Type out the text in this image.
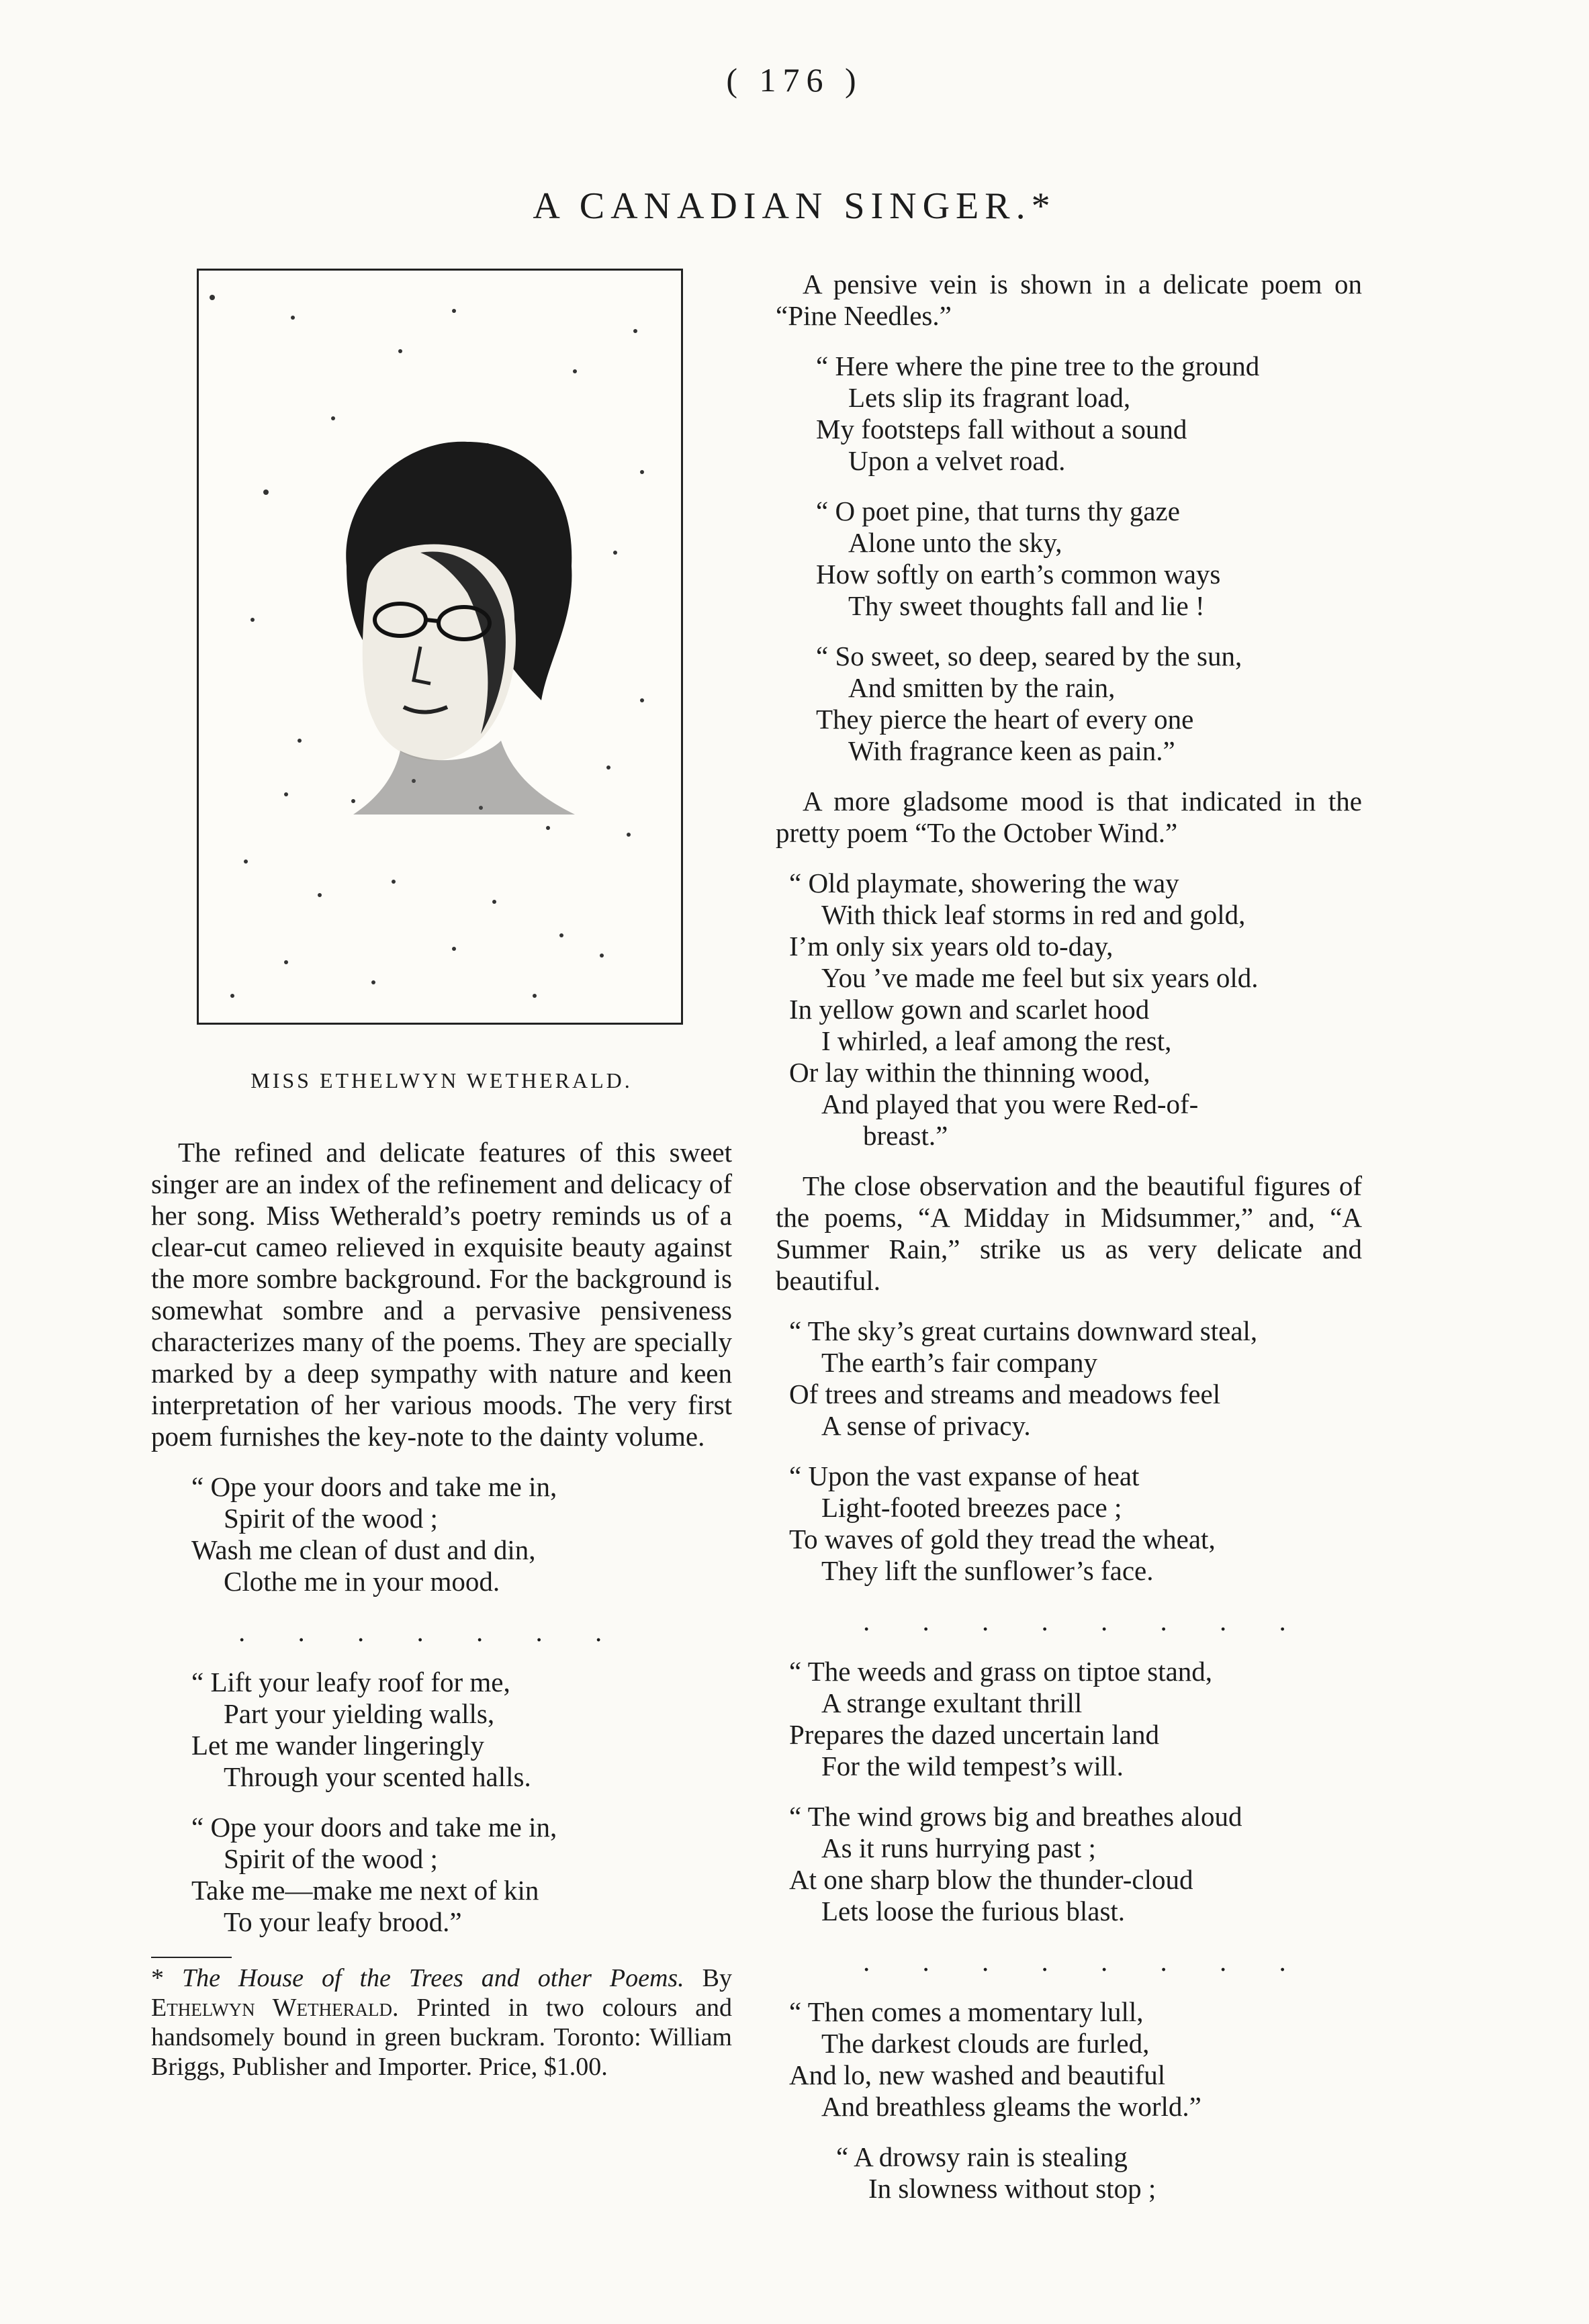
( 176 )
A CANADIAN SINGER.*
MISS ETHELWYN WETHERALD.

The refined and delicate features of this sweet singer are an index of the refinement and delicacy of her song. Miss Wetherald’s poetry reminds us of a clear-cut cameo relieved in exquisite beauty against the more sombre background. For the background is somewhat sombre and a pervasive pensiveness characterizes many of the poems. They are specially marked by a deep sympathy with nature and keen interpretation of her various moods. The very first poem furnishes the key-note to the dainty volume.

“ Ope your doors and take me in,
Spirit of the wood ;
Wash me clean of dust and din,
Clothe me in your mood.
. . . . . . .
“ Lift your leafy roof for me,
Part your yielding walls,
Let me wander lingeringly
Through your scented halls.
“ Ope your doors and take me in,
Spirit of the wood ;
Take me—make me next of kin
To your leafy brood.”
* The House of the Trees and other Poems. By Ethelwyn Wetherald. Printed in two colours and handsomely bound in green buckram. Toronto: William Briggs, Publisher and Importer. Price, $1.00.

A pensive vein is shown in a delicate poem on “Pine Needles.”

“ Here where the pine tree to the ground
Lets slip its fragrant load,
My footsteps fall without a sound
Upon a velvet road.
“ O poet pine, that turns thy gaze
Alone unto the sky,
How softly on earth’s common ways
Thy sweet thoughts fall and lie !
“ So sweet, so deep, seared by the sun,
And smitten by the rain,
They pierce the heart of every one
With fragrance keen as pain.”

A more gladsome mood is that indicated in the pretty poem “To the October Wind.”

“ Old playmate, showering the way
With thick leaf storms in red and gold,
I’m only six years old to-day,
You ’ve made me feel but six years old.
In yellow gown and scarlet hood
I whirled, a leaf among the rest,
Or lay within the thinning wood,
And played that you were Red-of-
breast.”

The close observation and the beautiful figures of the poems, “A Midday in Midsummer,” and, “A Summer Rain,” strike us as very delicate and beautiful.

“ The sky’s great curtains downward steal,
The earth’s fair company
Of trees and streams and meadows feel
A sense of privacy.
“ Upon the vast expanse of heat
Light-footed breezes pace ;
To waves of gold they tread the wheat,
They lift the sunflower’s face.
. . . . . . . .
“ The weeds and grass on tiptoe stand,
A strange exultant thrill
Prepares the dazed uncertain land
For the wild tempest’s will.
“ The wind grows big and breathes aloud
As it runs hurrying past ;
At one sharp blow the thunder-cloud
Lets loose the furious blast.
. . . . . . . .
“ Then comes a momentary lull,
The darkest clouds are furled,
And lo, new washed and beautiful
And breathless gleams the world.”
“ A drowsy rain is stealing
In slowness without stop ;
